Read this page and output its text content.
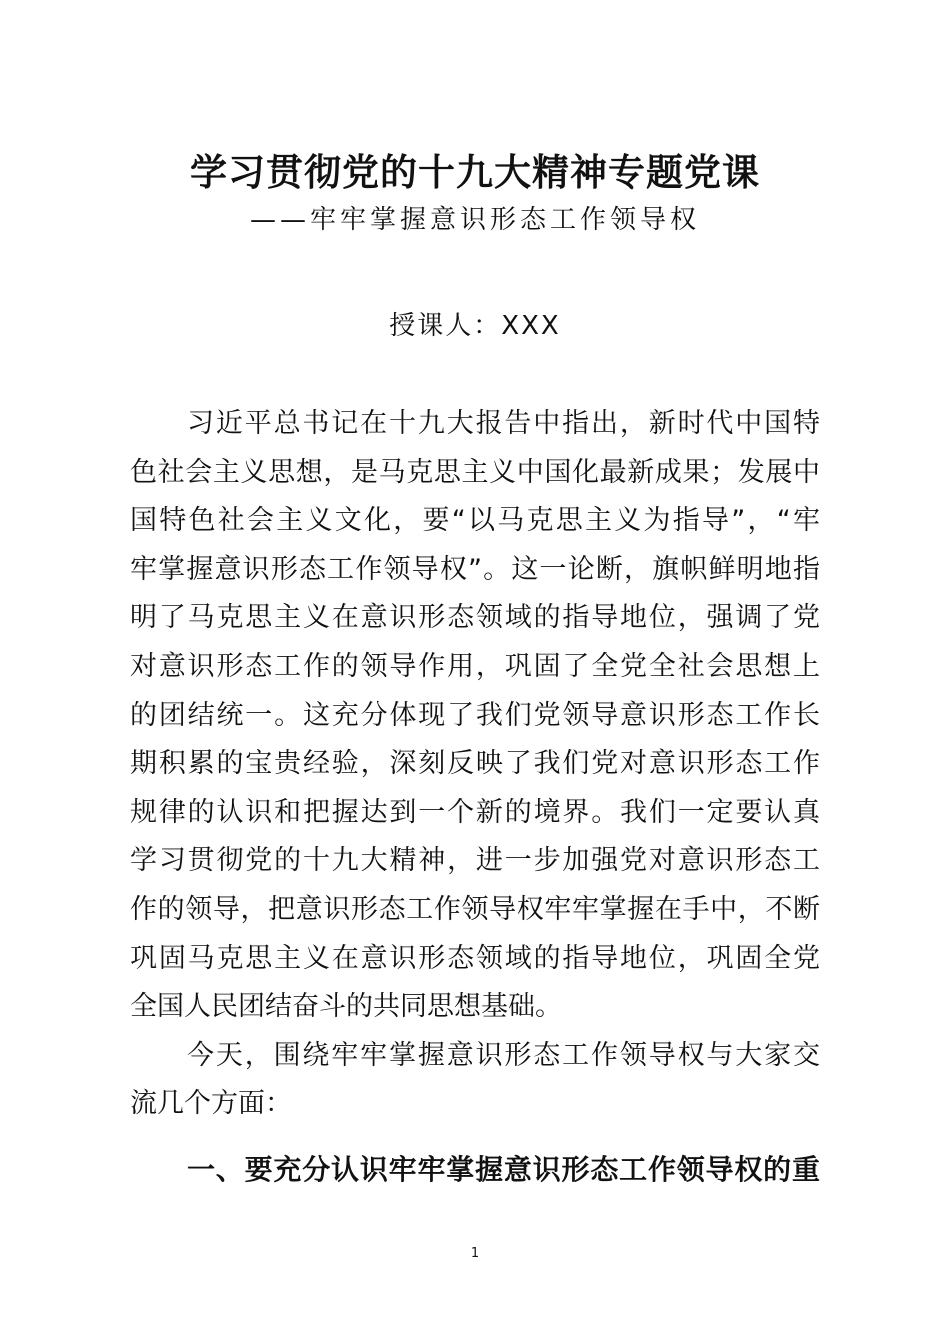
学习贯彻党的十九大精神专题党课
——牢牢掌握意识形态工作领导权
授课人：XXX
习近平总书记在十九大报告中指出，新时代中国特
色社会主义思想，是马克思主义中国化最新成果；发展中
国特色社会主义文化，要“以马克思主义为指导”，“牢
牢掌握意识形态工作领导权”。这一论断，旗帜鲜明地指
明了马克思主义在意识形态领域的指导地位，强调了党
对意识形态工作的领导作用，巩固了全党全社会思想上
的团结统一。这充分体现了我们党领导意识形态工作长
期积累的宝贵经验，深刻反映了我们党对意识形态工作
规律的认识和把握达到一个新的境界。我们一定要认真
学习贯彻党的十九大精神，进一步加强党对意识形态工
作的领导，把意识形态工作领导权牢牢掌握在手中，不断
巩固马克思主义在意识形态领域的指导地位，巩固全党
全国人民团结奋斗的共同思想基础。
今天，围绕牢牢掌握意识形态工作领导权与大家交
流几个方面：
一、要充分认识牢牢掌握意识形态工作领导权的重
1
